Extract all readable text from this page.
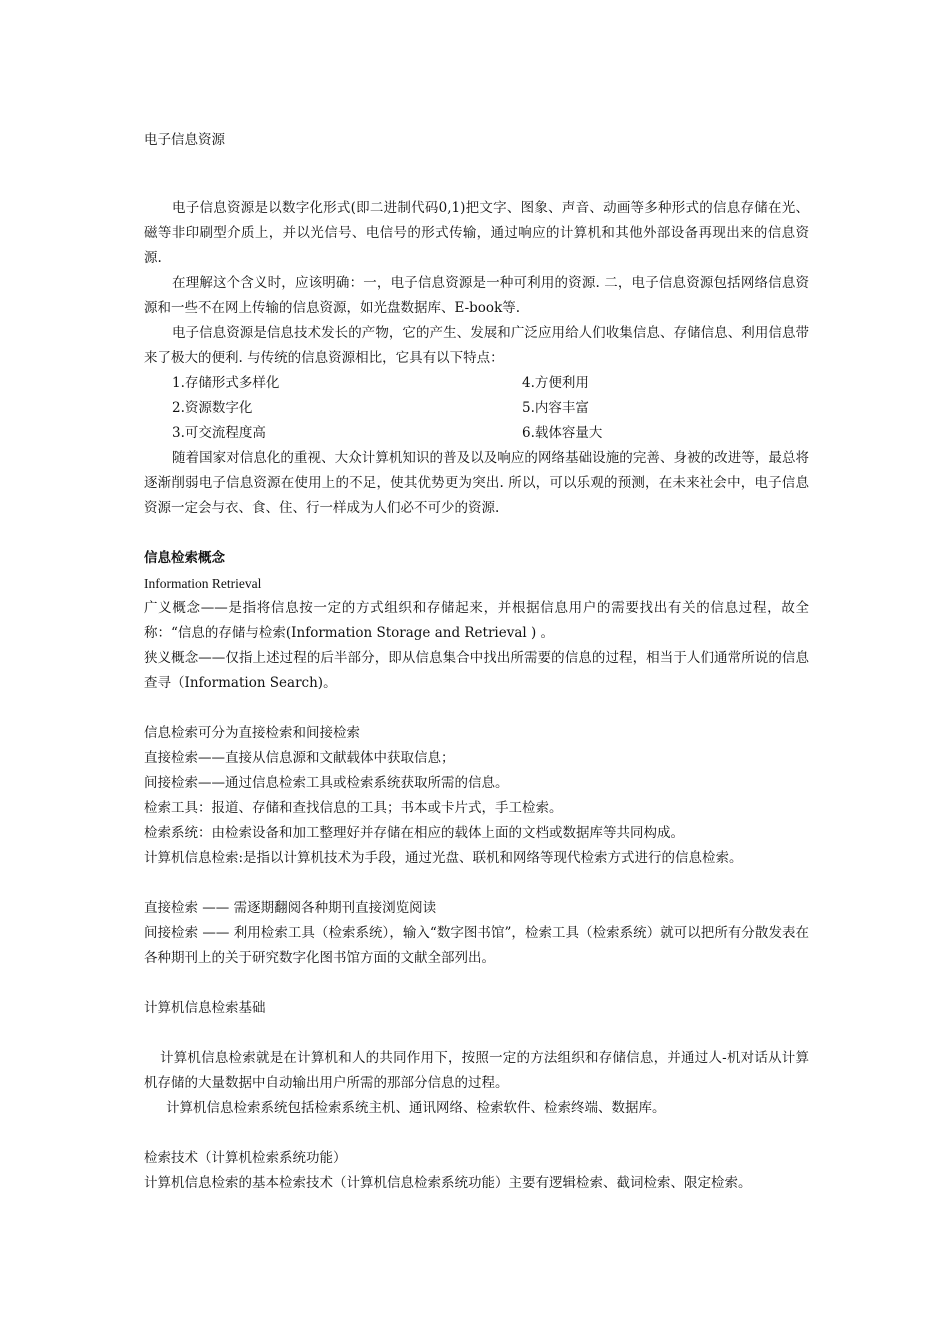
电子信息资源
电子信息资源是以数字化形式(即二进制代码0,1)把文字、图象、声音、动画等多种形式的信息存储在光、磁等非印刷型介质上，并以光信号、电信号的形式传输，通过响应的计算机和其他外部设备再现出来的信息资源.
在理解这个含义时，应该明确：一，电子信息资源是一种可利用的资源. 二，电子信息资源包括网络信息资源和一些不在网上传输的信息资源，如光盘数据库、E-book等.
电子信息资源是信息技术发长的产物，它的产生、发展和广泛应用给人们收集信息、存储信息、利用信息带来了极大的便利. 与传统的信息资源相比，它具有以下特点：
1.存储形式多样化	4.方便利用
2.资源数字化	5.内容丰富
3.可交流程度高	6.载体容量大
随着国家对信息化的重视、大众计算机知识的普及以及响应的网络基础设施的完善、身被的改进等，最总将逐渐削弱电子信息资源在使用上的不足，使其优势更为突出. 所以，可以乐观的预测，在未来社会中，电子信息资源一定会与衣、食、住、行一样成为人们必不可少的资源.
信息检索概念
Information Retrieval
广义概念——是指将信息按一定的方式组织和存储起来，并根据信息用户的需要找出有关的信息过程，故全称：“信息的存储与检索(Information Storage and Retrieval ) 。
狭义概念——仅指上述过程的后半部分，即从信息集合中找出所需要的信息的过程，相当于人们通常所说的信息查寻（Information Search)。
信息检索可分为直接检索和间接检索
直接检索——直接从信息源和文献载体中获取信息；
间接检索——通过信息检索工具或检索系统获取所需的信息。
检索工具：报道、存储和查找信息的工具；书本或卡片式，手工检索。
检索系统：由检索设备和加工整理好并存储在相应的载体上面的文档或数据库等共同构成。
计算机信息检索:是指以计算机技术为手段，通过光盘、联机和网络等现代检索方式进行的信息检索。
直接检索 —— 需逐期翻阅各种期刊直接浏览阅读
间接检索 —— 利用检索工具（检索系统），输入“数字图书馆”，检索工具（检索系统）就可以把所有分散发表在各种期刊上的关于研究数字化图书馆方面的文献全部列出。
计算机信息检索基础
计算机信息检索就是在计算机和人的共同作用下，按照一定的方法组织和存储信息，并通过人-机对话从计算机存储的大量数据中自动输出用户所需的那部分信息的过程。
计算机信息检索系统包括检索系统主机、通讯网络、检索软件、检索终端、数据库。
检索技术（计算机检索系统功能）
计算机信息检索的基本检索技术（计算机信息检索系统功能）主要有逻辑检索、截词检索、限定检索。
